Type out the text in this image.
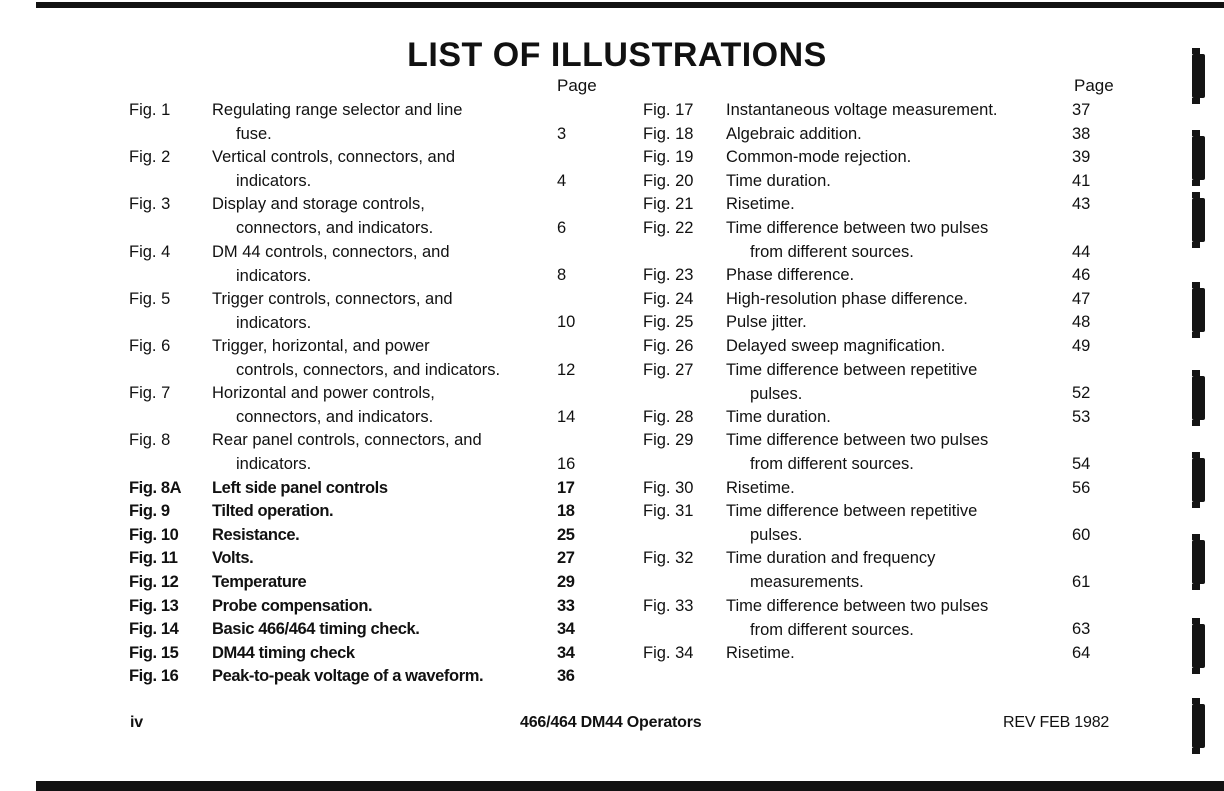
LIST OF ILLUSTRATIONS
Page	Page
Fig. 1	Regulating range selector and line
fuse.	3
Fig. 2	Vertical controls, connectors, and
indicators.	4
Fig. 3	Display and storage controls,
connectors, and indicators.	6
Fig. 4	DM 44 controls, connectors, and
indicators.	8
Fig. 5	Trigger controls, connectors, and
indicators.	10
Fig. 6	Trigger, horizontal, and power
controls, connectors, and indicators.	12
Fig. 7	Horizontal and power controls,
connectors, and indicators.	14
Fig. 8	Rear panel controls, connectors, and
indicators.	16
Fig. 8A Left side panel controls	17
Fig. 9	Tilted operation.	18
Fig. 10 Resistance.	25
Fig. 11 Volts.	27
Fig. 12 Temperature	29
Fig. 13 Probe compensation.	33
Fig. 14 Basic 466/464 timing check.	34
Fig. 15 DM44 timing check	34
Fig. 16 Peak-to-peak voltage of a waveform.	36
Fig. 17 Instantaneous voltage measurement.	37
Fig. 18 Algebraic addition.	38
Fig. 19 Common-mode rejection.	39
Fig. 20 Time duration.	41
Fig. 21 Risetime.	43
Fig. 22 Time difference between two pulses
from different sources.	44
Fig. 23 Phase difference.	46
Fig. 24 High-resolution phase difference.	47
Fig. 25 Pulse jitter.	48
Fig. 26 Delayed sweep magnification.	49
Fig. 27 Time difference between repetitive
pulses.	52
Fig. 28 Time duration.	53
Fig. 29 Time difference between two pulses
from different sources.	54
Fig. 30 Risetime.	56
Fig. 31 Time difference between repetitive
pulses.	60
Fig. 32 Time duration and frequency
measurements.	61
Fig. 33 Time difference between two pulses
from different sources.	63
Fig. 34 Risetime.	64
iv	466/464 DM44 Operators	REV FEB 1982
